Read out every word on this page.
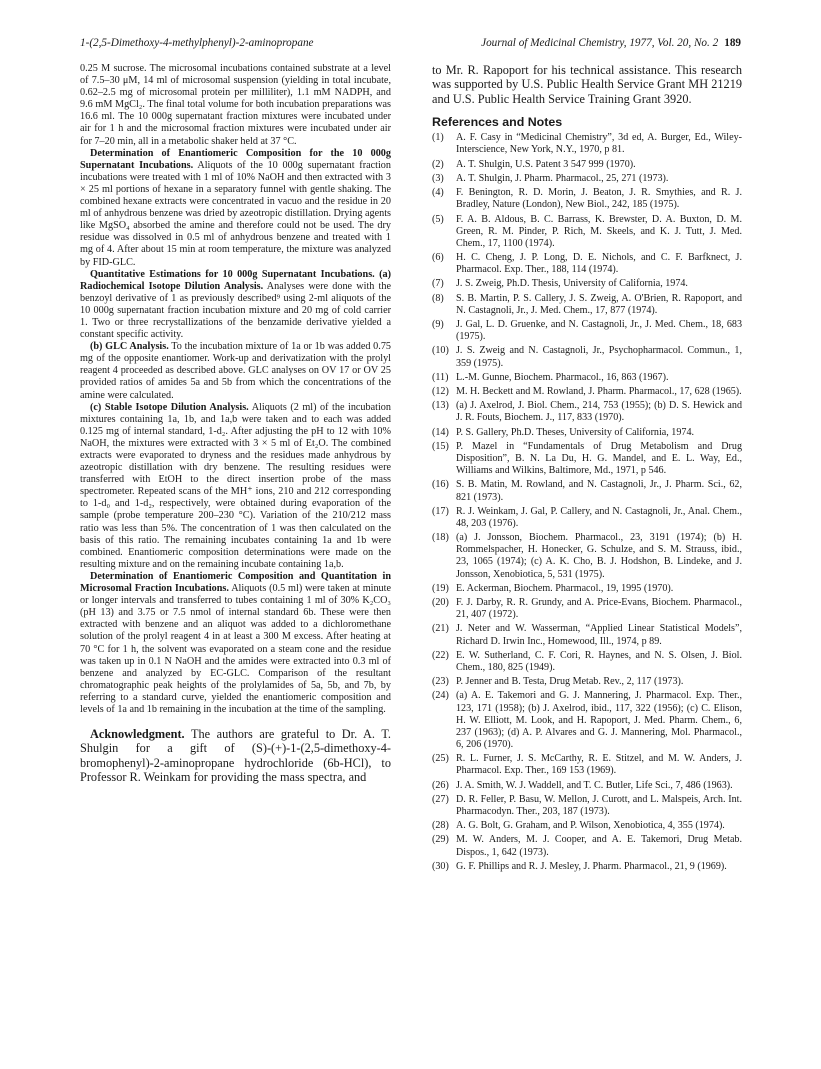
1-(2,5-Dimethoxy-4-methylphenyl)-2-aminopropane	Journal of Medicinal Chemistry, 1977, Vol. 20, No. 2 189

0.25 M sucrose. The microsomal incubations contained substrate at a level of 7.5–30 μM, 14 ml of microsomal suspension (yielding in total incubate, 0.62–2.5 mg of microsomal protein per milliliter), 1.1 mM NADPH, and 9.6 mM MgCl₂. The final total volume for both incubation preparations was 16.6 ml. The 10 000g supernatant fraction mixtures were incubated under air for 1 h and the microsomal fraction mixtures were incubated under air for 7–20 min, all in a metabolic shaker held at 37 °C.

Determination of Enantiomeric Composition for the 10 000g Supernatant Incubations. Aliquots of the 10 000g supernatant fraction incubations were treated with 1 ml of 10% NaOH and then extracted with 3 × 25 ml portions of hexane in a separatory funnel with gentle shaking. The combined hexane extracts were concentrated in vacuo and the residue in 20 ml of anhydrous benzene was dried by azeotropic distillation. Drying agents like MgSO₄ absorbed the amine and therefore could not be used. The dry residue was dissolved in 0.5 ml of anhydrous benzene and treated with 1 mg of 4. After about 15 min at room temperature, the mixture was analyzed by FID-GLC.

Quantitative Estimations for 10 000g Supernatant Incubations. (a) Radiochemical Isotope Dilution Analysis. Analyses were done with the benzoyl derivative of 1 as previously described⁹ using 2-ml aliquots of the 10 000g supernatant fraction incubation mixture and 20 mg of cold carrier 1. Two or three recrystallizations of the benzamide derivative yielded a constant specific activity.

(b) GLC Analysis. To the incubation mixture of 1a or 1b was added 0.75 mg of the opposite enantiomer. Work-up and derivatization with the prolyl reagent 4 proceeded as described above. GLC analyses on OV 17 or OV 25 provided ratios of amides 5a and 5b from which the concentrations of the amine were calculated.

(c) Stable Isotope Dilution Analysis. Aliquots (2 ml) of the incubation mixtures containing 1a, 1b, and 1a,b were taken and to each was added 0.125 mg of internal standard, 1-d₂. After adjusting the pH to 12 with 10% NaOH, the mixtures were extracted with 3 × 5 ml of Et₂O. The combined extracts were evaporated to dryness and the residues made anhydrous by azeotropic distillation with dry benzene. The resulting residues were transferred with EtOH to the direct insertion probe of the mass spectrometer. Repeated scans of the MH⁺ ions, 210 and 212 corresponding to 1-d₀ and 1-d₂, respectively, were obtained during evaporation of the sample (probe temperature 200–230 °C). Variation of the 210/212 mass ratio was less than 5%. The concentration of 1 was then calculated on the basis of this ratio. The remaining incubates containing 1a and 1b were combined. Enantiomeric composition determinations were made on the resulting mixture and on the remaining incubate containing 1a,b.

Determination of Enantiomeric Composition and Quantitation in Microsomal Fraction Incubations. Aliquots (0.5 ml) were taken at minute or longer intervals and transferred to tubes containing 1 ml of 30% K₂CO₃ (pH 13) and 3.75 or 7.5 nmol of internal standard 6b. These were then extracted with benzene and an aliquot was added to a dichloromethane solution of the prolyl reagent 4 in at least a 300 M excess. After heating at 70 °C for 1 h, the solvent was evaporated on a steam cone and the residue was taken up in 0.1 N NaOH and the amides were extracted into 0.3 ml of benzene and analyzed by EC-GLC. Comparison of the resultant chromatographic peak heights of the prolylamides of 5a, 5b, and 7b, by referring to a standard curve, yielded the enantiomeric composition and levels of 1a and 1b remaining in the incubation at the time of the sampling.

Acknowledgment. The authors are grateful to Dr. A. T. Shulgin for a gift of (S)-(+)-1-(2,5-dimethoxy-4-bromophenyl)-2-aminopropane hydrochloride (6b-HCl), to Professor R. Weinkam for providing the mass spectra, and

to Mr. R. Rapoport for his technical assistance. This research was supported by U.S. Public Health Service Grant MH 21219 and U.S. Public Health Service Training Grant 3920.

References and Notes
(1)	A. F. Casy in “Medicinal Chemistry”, 3d ed, A. Burger, Ed., Wiley-Interscience, New York, N.Y., 1970, p 81.
(2)	A. T. Shulgin, U.S. Patent 3 547 999 (1970).
(3)	A. T. Shulgin, J. Pharm. Pharmacol., 25, 271 (1973).
(4)	F. Benington, R. D. Morin, J. Beaton, J. R. Smythies, and R. J. Bradley, Nature (London), New Biol., 242, 185 (1975).
(5)	F. A. B. Aldous, B. C. Barrass, K. Brewster, D. A. Buxton, D. M. Green, R. M. Pinder, P. Rich, M. Skeels, and K. J. Tutt, J. Med. Chem., 17, 1100 (1974).
(6)	H. C. Cheng, J. P. Long, D. E. Nichols, and C. F. Barfknect, J. Pharmacol. Exp. Ther., 188, 114 (1974).
(7)	J. S. Zweig, Ph.D. Thesis, University of California, 1974.
(8)	S. B. Martin, P. S. Callery, J. S. Zweig, A. O'Brien, R. Rapoport, and N. Castagnoli, Jr., J. Med. Chem., 17, 877 (1974).
(9)	J. Gal, L. D. Gruenke, and N. Castagnoli, Jr., J. Med. Chem., 18, 683 (1975).
(10) J. S. Zweig and N. Castagnoli, Jr., Psychopharmacol. Commun., 1, 359 (1975).
(11) L.-M. Gunne, Biochem. Pharmacol., 16, 863 (1967).
(12) M. H. Beckett and M. Rowland, J. Pharm. Pharmacol., 17, 628 (1965).
(13) (a) J. Axelrod, J. Biol. Chem., 214, 753 (1955); (b) D. S. Hewick and J. R. Fouts, Biochem. J., 117, 833 (1970).
(14) P. S. Gallery, Ph.D. Theses, University of California, 1974.
(15) P. Mazel in “Fundamentals of Drug Metabolism and Drug Disposition”, B. N. La Du, H. G. Mandel, and E. L. Way, Ed., Williams and Wilkins, Baltimore, Md., 1971, p 546.
(16) S. B. Matin, M. Rowland, and N. Castagnoli, Jr., J. Pharm. Sci., 62, 821 (1973).
(17) R. J. Weinkam, J. Gal, P. Callery, and N. Castagnoli, Jr., Anal. Chem., 48, 203 (1976).
(18) (a) J. Jonsson, Biochem. Pharmacol., 23, 3191 (1974); (b) H. Rommelspacher, H. Honecker, G. Schulze, and S. M. Strauss, ibid., 23, 1065 (1974); (c) A. K. Cho, B. J. Hodshon, B. Lindeke, and J. Jonsson, Xenobiotica, 5, 531 (1975).
(19) E. Ackerman, Biochem. Pharmacol., 19, 1995 (1970).
(20) F. J. Darby, R. R. Grundy, and A. Price-Evans, Biochem. Pharmacol., 21, 407 (1972).
(21) J. Neter and W. Wasserman, “Applied Linear Statistical Models”, Richard D. Irwin Inc., Homewood, Ill., 1974, p 89.
(22) E. W. Sutherland, C. F. Cori, R. Haynes, and N. S. Olsen, J. Biol. Chem., 180, 825 (1949).
(23) P. Jenner and B. Testa, Drug Metab. Rev., 2, 117 (1973).
(24) (a) A. E. Takemori and G. J. Mannering, J. Pharmacol. Exp. Ther., 123, 171 (1958); (b) J. Axelrod, ibid., 117, 322 (1956); (c) C. Elison, H. W. Elliott, M. Look, and H. Rapoport, J. Med. Pharm. Chem., 6, 237 (1963); (d) A. P. Alvares and G. J. Mannering, Mol. Pharmacol., 6, 206 (1970).
(25) R. L. Furner, J. S. McCarthy, R. E. Stitzel, and M. W. Anders, J. Pharmacol. Exp. Ther., 169 153 (1969).
(26) J. A. Smith, W. J. Waddell, and T. C. Butler, Life Sci., 7, 486 (1963).
(27) D. R. Feller, P. Basu, W. Mellon, J. Curott, and L. Malspeis, Arch. Int. Pharmacodyn. Ther., 203, 187 (1973).
(28) A. G. Bolt, G. Graham, and P. Wilson, Xenobiotica, 4, 355 (1974).
(29) M. W. Anders, M. J. Cooper, and A. E. Takemori, Drug Metab. Dispos., 1, 642 (1973).
(30) G. F. Phillips and R. J. Mesley, J. Pharm. Pharmacol., 21, 9 (1969).
